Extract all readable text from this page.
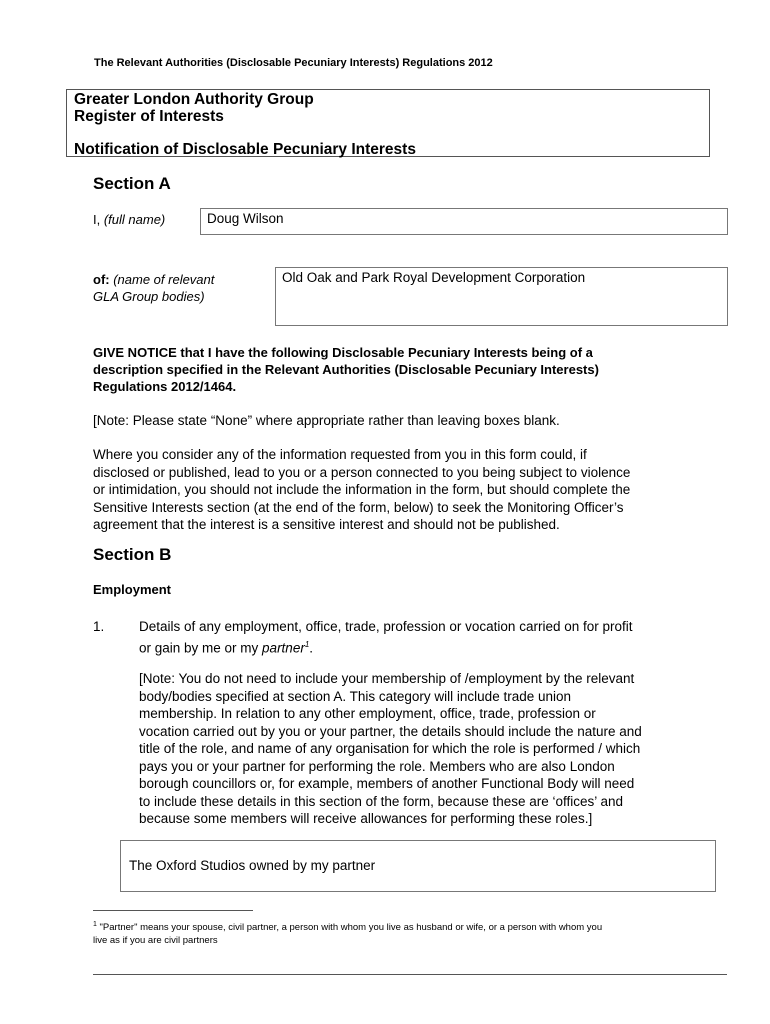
The Relevant Authorities (Disclosable Pecuniary Interests) Regulations 2012
Greater London Authority Group
Register of Interests
Notification of Disclosable Pecuniary Interests
Section A
I, (full name)	Doug Wilson
of: (name of relevant
GLA Group bodies)
Old Oak and Park Royal Development Corporation
GIVE NOTICE that I have the following Disclosable Pecuniary Interests being of a
description specified in the Relevant Authorities (Disclosable Pecuniary Interests)
Regulations 2012/1464.
[Note: Please state “None” where appropriate rather than leaving boxes blank.
Where you consider any of the information requested from you in this form could, if
disclosed or published, lead to you or a person connected to you being subject to violence
or intimidation, you should not include the information in the form, but should complete the
Sensitive Interests section (at the end of the form, below) to seek the Monitoring Officer’s
agreement that the interest is a sensitive interest and should not be published.
Section B
Employment
1.	Details of any employment, office, trade, profession or vocation carried on for profit
or gain by me or my partner$^1$.
[Note: You do not need to include your membership of /employment by the relevant
body/bodies specified at section A. This category will include trade union
membership. In relation to any other employment, office, trade, profession or
vocation carried out by you or your partner, the details should include the nature and
title of the role, and name of any organisation for which the role is performed / which
pays you or your partner for performing the role. Members who are also London
borough councillors or, for example, members of another Functional Body will need
to include these details in this section of the form, because these are ‘offices’ and
because some members will receive allowances for performing these roles.]
The Oxford Studios owned by my partner
$^1$ "Partner" means your spouse, civil partner, a person with whom you live as husband or wife, or a person with whom you
live as if you are civil partners
